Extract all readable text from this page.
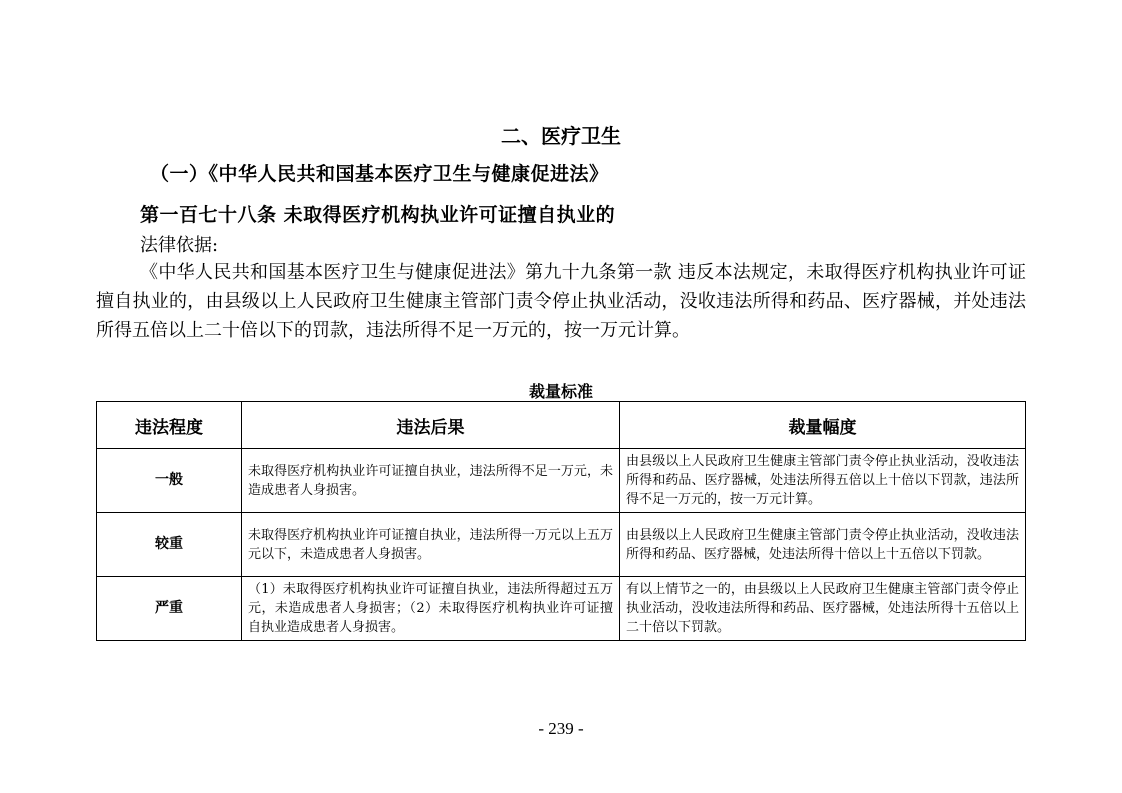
二、医疗卫生
（一）《中华人民共和国基本医疗卫生与健康促进法》
第一百七十八条 未取得医疗机构执业许可证擅自执业的
法律依据:
《中华人民共和国基本医疗卫生与健康促进法》第九十九条第一款 违反本法规定，未取得医疗机构执业许可证擅自执业的，由县级以上人民政府卫生健康主管部门责令停止执业活动，没收违法所得和药品、医疗器械，并处违法所得五倍以上二十倍以下的罚款，违法所得不足一万元的，按一万元计算。
裁量标准
违法程度	违法后果	裁量幅度
一般	未取得医疗机构执业许可证擅自执业，违法所得不足一万元，未造成患者人身损害。	由县级以上人民政府卫生健康主管部门责令停止执业活动，没收违法所得和药品、医疗器械，处违法所得五倍以上十倍以下罚款，违法所得不足一万元的，按一万元计算。
较重	未取得医疗机构执业许可证擅自执业，违法所得一万元以上五万元以下，未造成患者人身损害。	由县级以上人民政府卫生健康主管部门责令停止执业活动，没收违法所得和药品、医疗器械，处违法所得十倍以上十五倍以下罚款。
严重	（1）未取得医疗机构执业许可证擅自执业，违法所得超过五万元，未造成患者人身损害；（2）未取得医疗机构执业许可证擅自执业造成患者人身损害。	有以上情节之一的，由县级以上人民政府卫生健康主管部门责令停止执业活动，没收违法所得和药品、医疗器械，处违法所得十五倍以上二十倍以下罚款。
- 239 -
